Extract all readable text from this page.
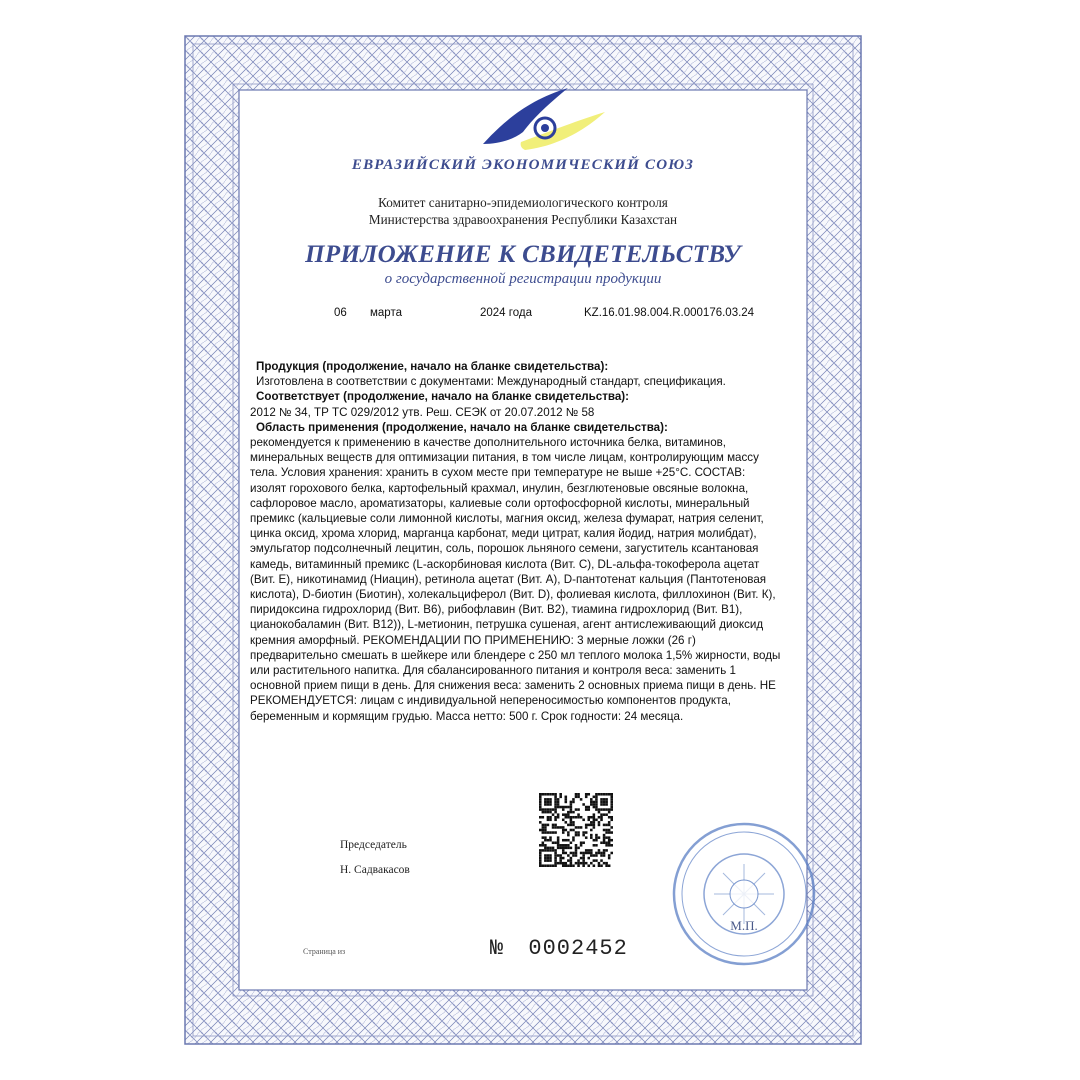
ЕВРАЗИЙСКИЙ ЭКОНОМИЧЕСКИЙ СОЮЗ
Комитет санитарно-эпидемиологического контроля
Министерства здравоохранения Республики Казахстан
ПРИЛОЖЕНИЕ К СВИДЕТЕЛЬСТВУ
о государственной регистрации продукции
06 марта	2024 года	KZ.16.01.98.004.R.000176.03.24

Продукция (продолжение, начало на бланке свидетельства):

Изготовлена в соответствии с документами: Международный стандарт, спецификация.

Соответствует (продолжение, начало на бланке свидетельства):

2012 № 34, ТР ТС 029/2012 утв. Реш. СЕЭК от 20.07.2012 № 58

Область применения (продолжение, начало на бланке свидетельства):

рекомендуется к применению в качестве дополнительного источника белка, витаминов,

минеральных веществ для оптимизации питания, в том числе лицам, контролирующим массу

тела. Условия хранения: хранить в сухом месте при температуре не выше +25°С. СОСТАВ:

изолят горохового белка, картофельный крахмал, инулин, безглютеновые овсяные волокна,

сафлоровое масло, ароматизаторы, калиевые соли ортофосфорной кислоты, минеральный

премикс (кальциевые соли лимонной кислоты, магния оксид, железа фумарат, натрия селенит,

цинка оксид, хрома хлорид, марганца карбонат, меди цитрат, калия йодид, натрия молибдат),

эмульгатор подсолнечный лецитин, соль, порошок льняного семени, загуститель ксантановая

камедь, витаминный премикс (L-аскорбиновая кислота (Вит. С), DL-альфа-токоферола ацетат

(Вит. Е), никотинамид (Ниацин), ретинола ацетат (Вит. А), D-пантотенат кальция (Пантотеновая

кислота), D-биотин (Биотин), холекальциферол (Вит. D), фолиевая кислота, филлохинон (Вит. К),

пиридоксина гидрохлорид (Вит. В6), рибофлавин (Вит. В2), тиамина гидрохлорид (Вит. В1),

цианокобаламин (Вит. В12)), L-метионин, петрушка сушеная, агент антислеживающий диоксид

кремния аморфный. РЕКОМЕНДАЦИИ ПО ПРИМЕНЕНИЮ: 3 мерные ложки (26 г)

предварительно смешать в шейкере или блендере с 250 мл теплого молока 1,5% жирности, воды

или растительного напитка. Для сбалансированного питания и контроля веса: заменить 1

основной прием пищи в день. Для снижения веса: заменить 2 основных приема пищи в день. НЕ

РЕКОМЕНДУЕТСЯ: лицам с индивидуальной непереносимостью компонентов продукта,

беременным и кормящим грудью. Масса нетто: 500 г. Срок годности: 24 месяца.

Председатель
Н. Садвакасов
Страница из	№ 0002452
М.П.
